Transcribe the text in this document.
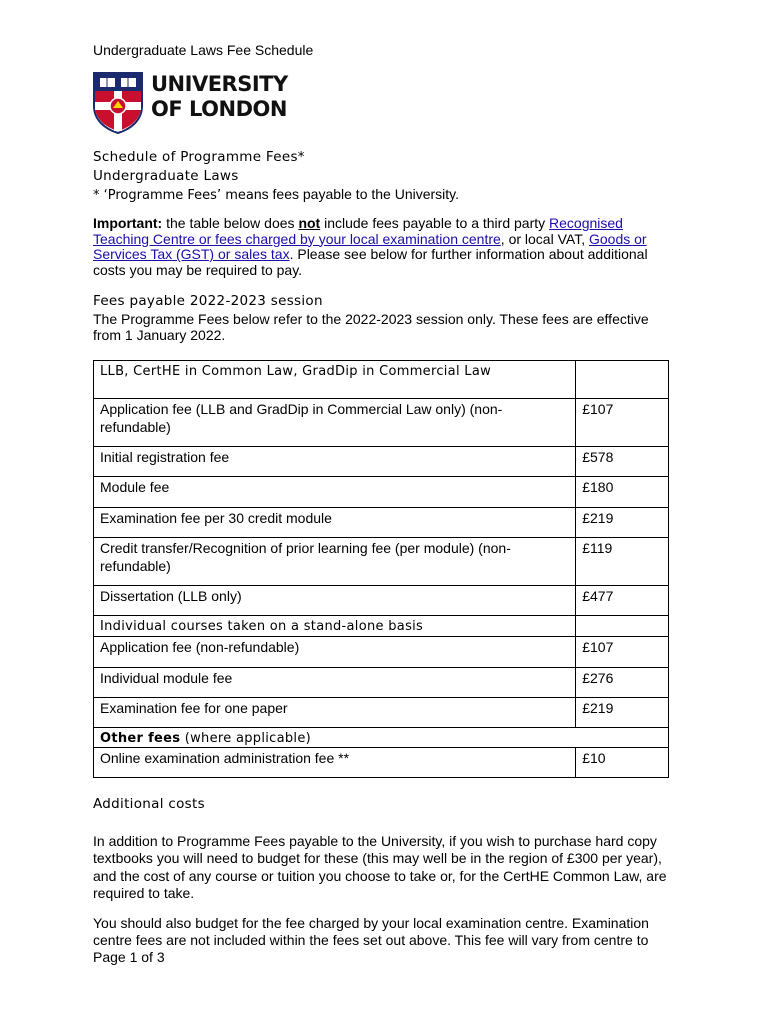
Undergraduate Laws Fee Schedule
UNIVERSITY
OF LONDON
Schedule of Programme Fees*
Undergraduate Laws
* ‘Programme Fees’ means fees payable to the University.
Important: the table below does not include fees payable to a third party Recognised Teaching Centre or fees charged by your local examination centre, or local VAT, Goods or Services Tax (GST) or sales tax. Please see below for further information about additional costs you may be required to pay.
Fees payable 2022-2023 session
The Programme Fees below refer to the 2022-2023 session only. These fees are effective from 1 January 2022.
LLB, CertHE in Common Law, GradDip in Commercial Law	
Application fee (LLB and GradDip in Commercial Law only) (non-refundable)	£107
Initial registration fee	£578
Module fee	£180
Examination fee per 30 credit module	£219
Credit transfer/Recognition of prior learning fee (per module) (non-refundable)	£119
Dissertation (LLB only)	£477
Individual courses taken on a stand-alone basis	
Application fee (non-refundable)	£107
Individual module fee	£276
Examination fee for one paper	£219
Other fees (where applicable)	
Online examination administration fee **	£10
Additional costs
In addition to Programme Fees payable to the University, if you wish to purchase hard copy textbooks you will need to budget for these (this may well be in the region of £300 per year), and the cost of any course or tuition you choose to take or, for the CertHE Common Law, are required to take.
You should also budget for the fee charged by your local examination centre. Examination centre fees are not included within the fees set out above. This fee will vary from centre to
Page 1 of 3
